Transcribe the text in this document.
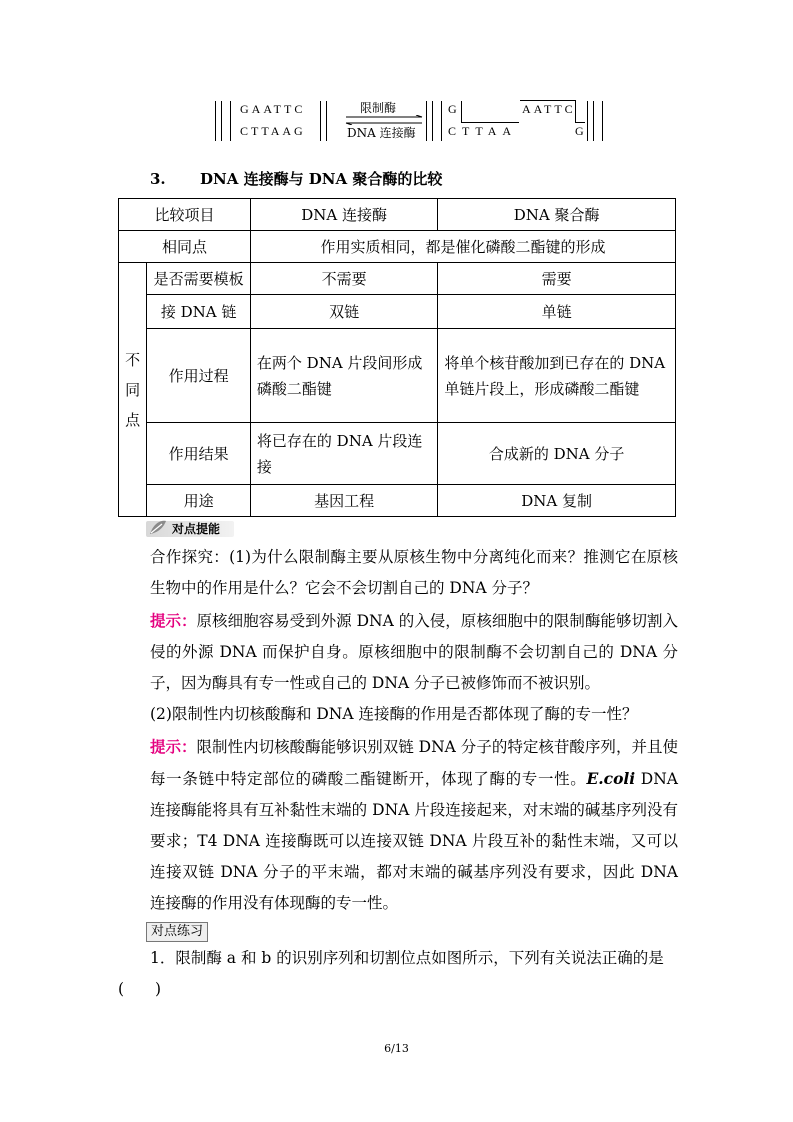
GAATTC
CTTAAG
限制酶
DNA 连接酶
G
CTTAA
AATTC
G
3. DNA 连接酶与 DNA 聚合酶的比较
比较项目		DNA 连接酶	DNA 聚合酶
相同点		作用实质相同，都是催化磷酸二酯键的形成	
不同点	是否需要模板	不需要	需要
	接 DNA 链	双链	单链
	作用过程	在两个 DNA 片段间形成磷酸二酯键	将单个核苷酸加到已存在的 DNA 单链片段上，形成磷酸二酯键
	作用结果	将已存在的 DNA 片段连接	合成新的 DNA 分子
	用途	基因工程	DNA 复制
对点提能
合作探究：(1)为什么限制酶主要从原核生物中分离纯化而来？推测它在原核生物中的作用是什么？它会不会切割自己的 DNA 分子？
提示：原核细胞容易受到外源 DNA 的入侵，原核细胞中的限制酶能够切割入侵的外源 DNA 而保护自身。原核细胞中的限制酶不会切割自己的 DNA 分子，因为酶具有专一性或自己的 DNA 分子已被修饰而不被识别。
(2)限制性内切核酸酶和 DNA 连接酶的作用是否都体现了酶的专一性？
提示：限制性内切核酸酶能够识别双链 DNA 分子的特定核苷酸序列，并且使每一条链中特定部位的磷酸二酯键断开，体现了酶的专一性。E.coli DNA 连接酶能将具有互补黏性末端的 DNA 片段连接起来，对末端的碱基序列没有要求；T4 DNA 连接酶既可以连接双链 DNA 片段互补的黏性末端，又可以连接双链 DNA 分子的平末端，都对末端的碱基序列没有要求，因此 DNA 连接酶的作用没有体现酶的专一性。
对点练习
1．限制酶 a 和 b 的识别序列和切割位点如图所示，下列有关说法正确的是
(　　)
6/13
